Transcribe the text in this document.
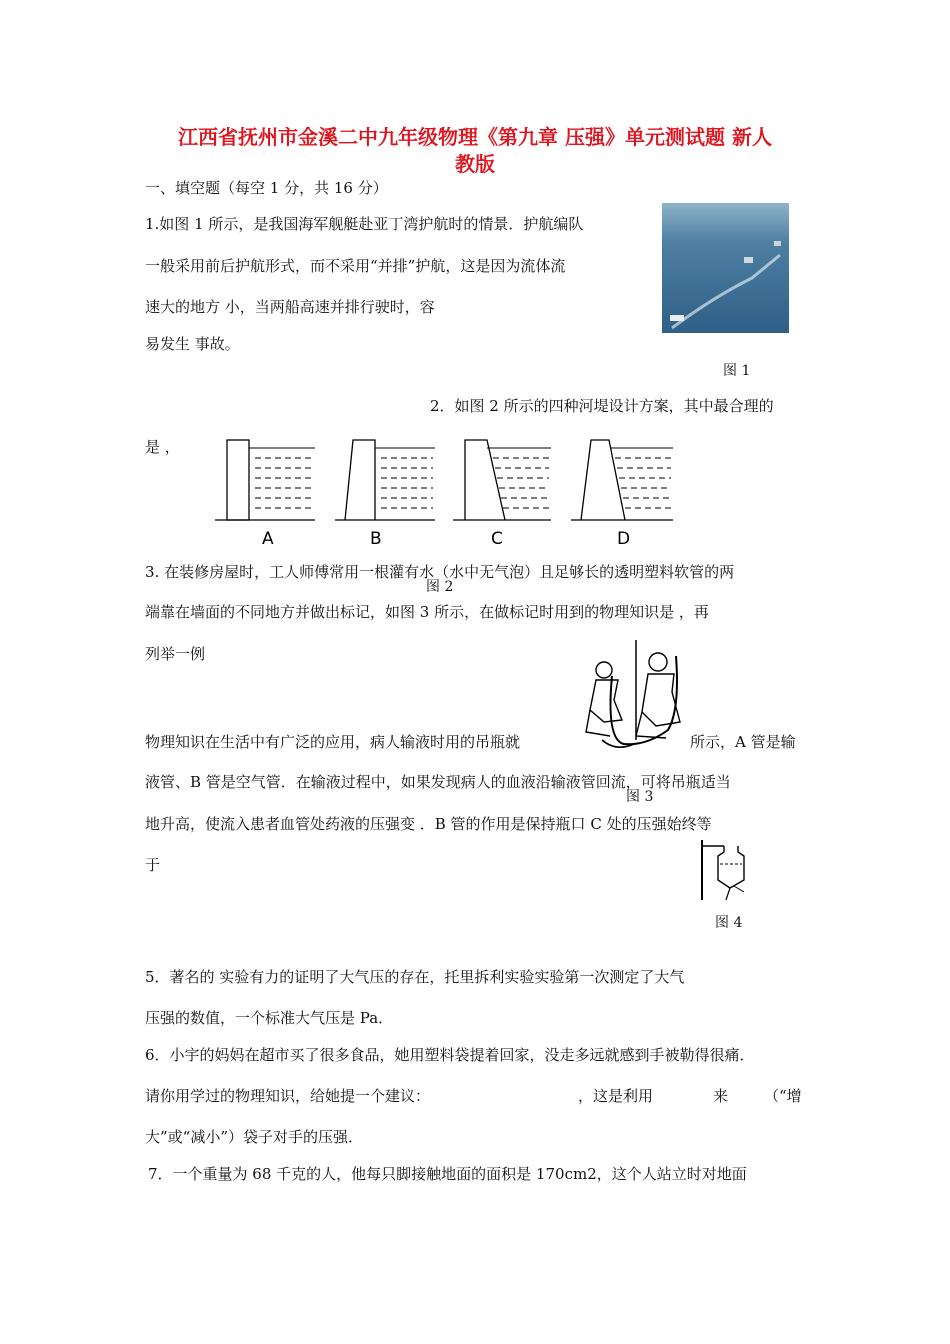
江西省抚州市金溪二中九年级物理《第九章 压强》单元测试题 新人
教版
一、填空题（每空 1 分，共 16 分）
1.如图 1 所示，是我国海军舰艇赴亚丁湾护航时的情景．护航编队
一般采用前后护航形式，而不采用“并排”护航，这是因为流体流
速大的地方 小，当两船高速并排行驶时，容
易发生 事故。
图 1
2．如图 2 所示的四种河堤设计方案，其中最合理的
是 ，
A	B	C	D
3. 在装修房屋时，工人师傅常用一根灌有水（水中无气泡）且足够长的透明塑料软管的两
图 2
端靠在墙面的不同地方并做出标记，如图 3 所示，在做标记时用到的物理知识是 ，再
列举一例
物理知识在生活中有广泛的应用，病人输液时用的吊瓶就	所示，A 管是输
图 3
液管、B 管是空气管．在输液过程中，如果发现病人的血液沿输液管回流，可将吊瓶适当
地升高，使流入患者血管处药液的压强变 ．B 管的作用是保持瓶口 C 处的压强始终等
于
图 4
5．著名的 实验有力的证明了大气压的存在，托里拆利实验实验第一次测定了大气
压强的数值，一个标准大气压是 Pa．
6．小宇的妈妈在超市买了很多食品，她用塑料袋提着回家，没走多远就感到手被勒得很痛．
请你用学过的物理知识，给她提一个建议：	，这是利用	来 （“增
大”或“减小”）袋子对手的压强．
7．一个重量为 68 千克的人，他每只脚接触地面的面积是 170cm2，这个人站立时对地面
